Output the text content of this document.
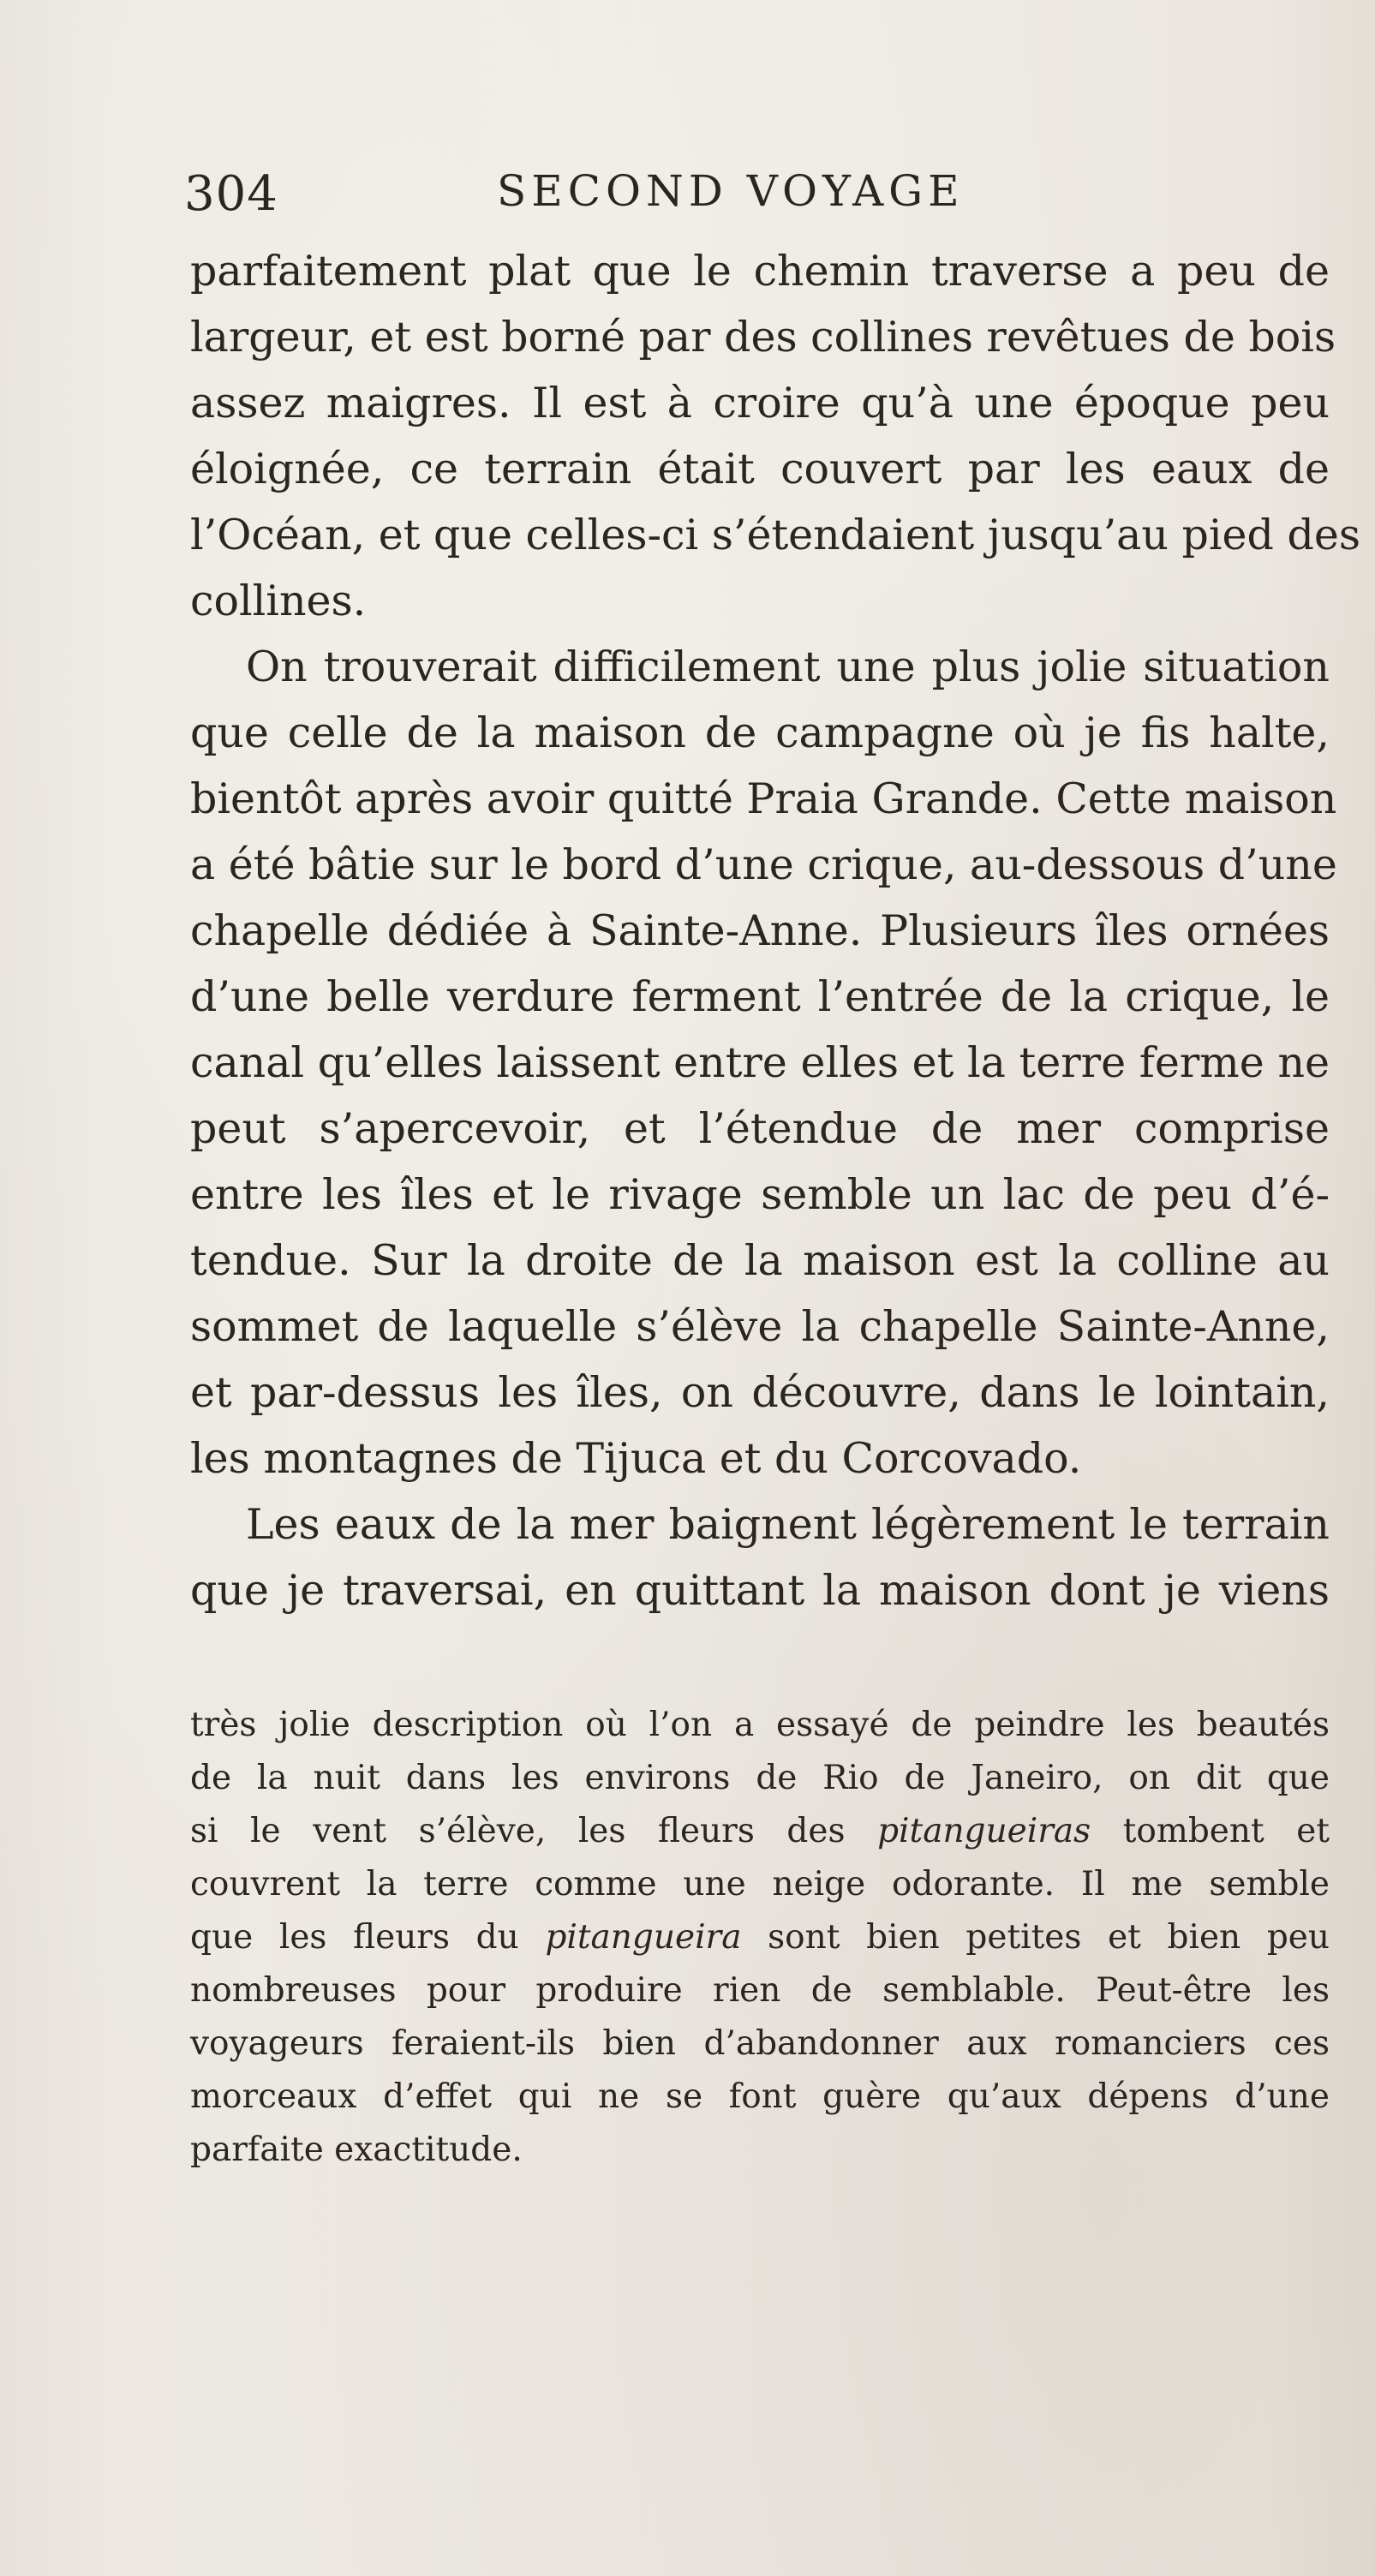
304	SECOND VOYAGE
parfaitement plat que le chemin traverse a peu de
largeur, et est borné par des collines revêtues de bois
assez maigres. Il est à croire qu’à une époque peu
éloignée, ce terrain était couvert par les eaux de
l’Océan, et que celles-ci s’étendaient jusqu’au pied des
collines.
On trouverait difficilement une plus jolie situation
que celle de la maison de campagne où je fis halte,
bientôt après avoir quitté Praia Grande. Cette maison
a été bâtie sur le bord d’une crique, au-dessous d’une
chapelle dédiée à Sainte-Anne. Plusieurs îles ornées
d’une belle verdure ferment l’entrée de la crique, le
canal qu’elles laissent entre elles et la terre ferme ne
peut s’apercevoir, et l’étendue de mer comprise
entre les îles et le rivage semble un lac de peu d’é-
tendue. Sur la droite de la maison est la colline au
sommet de laquelle s’élève la chapelle Sainte-Anne,
et par-dessus les îles, on découvre, dans le lointain,
les montagnes de Tijuca et du Corcovado.
Les eaux de la mer baignent légèrement le terrain
que je traversai, en quittant la maison dont je viens
très jolie description où l’on a essayé de peindre les beautés
de la nuit dans les environs de Rio de Janeiro, on dit que
si le vent s’élève, les fleurs des pitangueiras tombent et
couvrent la terre comme une neige odorante. Il me semble
que les fleurs du pitangueira sont bien petites et bien peu
nombreuses pour produire rien de semblable. Peut-être les
voyageurs feraient-ils bien d’abandonner aux romanciers ces
morceaux d’effet qui ne se font guère qu’aux dépens d’une
parfaite exactitude.
